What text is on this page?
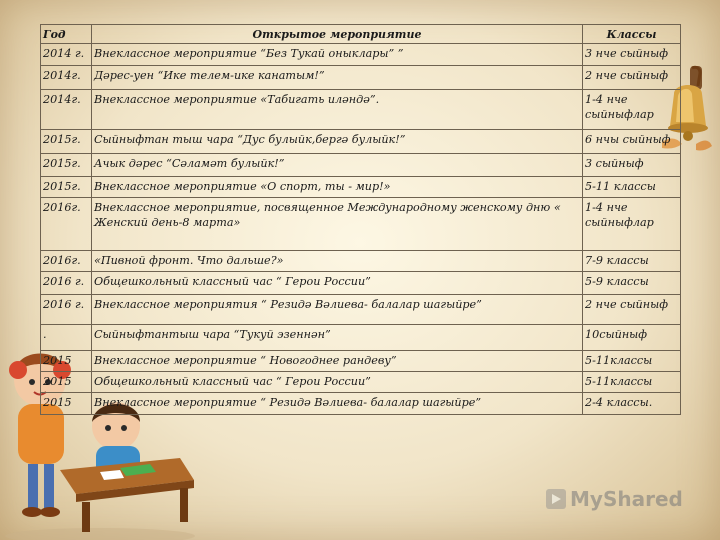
Год	Открытое мероприятие	Классы
2014 г.	Внеклассное мероприятие “Без Тукай оныклары” ”	3 нче сыйныф
2014г.	Дәрес-уен “Ике телем-ике канатым!”	2 нче сыйныф
2014г.	Внеклассное мероприятие «Табигать иләндә”.	1-4 нче сыйныфлар
2015г.	Сыйныфтан тыш чара “Дус булыйк,бергә булыйк!”	6 нчы сыйныф
2015г.	Ачык дәрес “Сәламәт булыйк!”	3 сыйныф
2015г.	Внеклассное мероприятие «О спорт, ты - мир!»	5-11 классы
2016г.	Внеклассное мероприятие, посвященное Международному женскому дню « Женский день-8 марта»	1-4 нче сыйныфлар
2016г.	«Пивной фронт. Что дальше?»	7-9 классы
2016 г.	Общешкольный классный час “ Герои России”	5-9 классы
2016 г.	Внеклассное мероприятия “ Резидә Вәлиева- балалар шагыйре”	2 нче сыйныф
.	Сыйныфтантыш чара “Тукуй эзеннән”	10сыйныф
2015	Внеклассное мероприятие “ Новогоднее рандеву”	5-11классы
2015	Общешкольный классный час “ Герои России”	5-11классы
2015	Внеклассное мероприятие “ Резидә Вәлиева- балалар шагыйре”	2-4 классы.
MyShared
